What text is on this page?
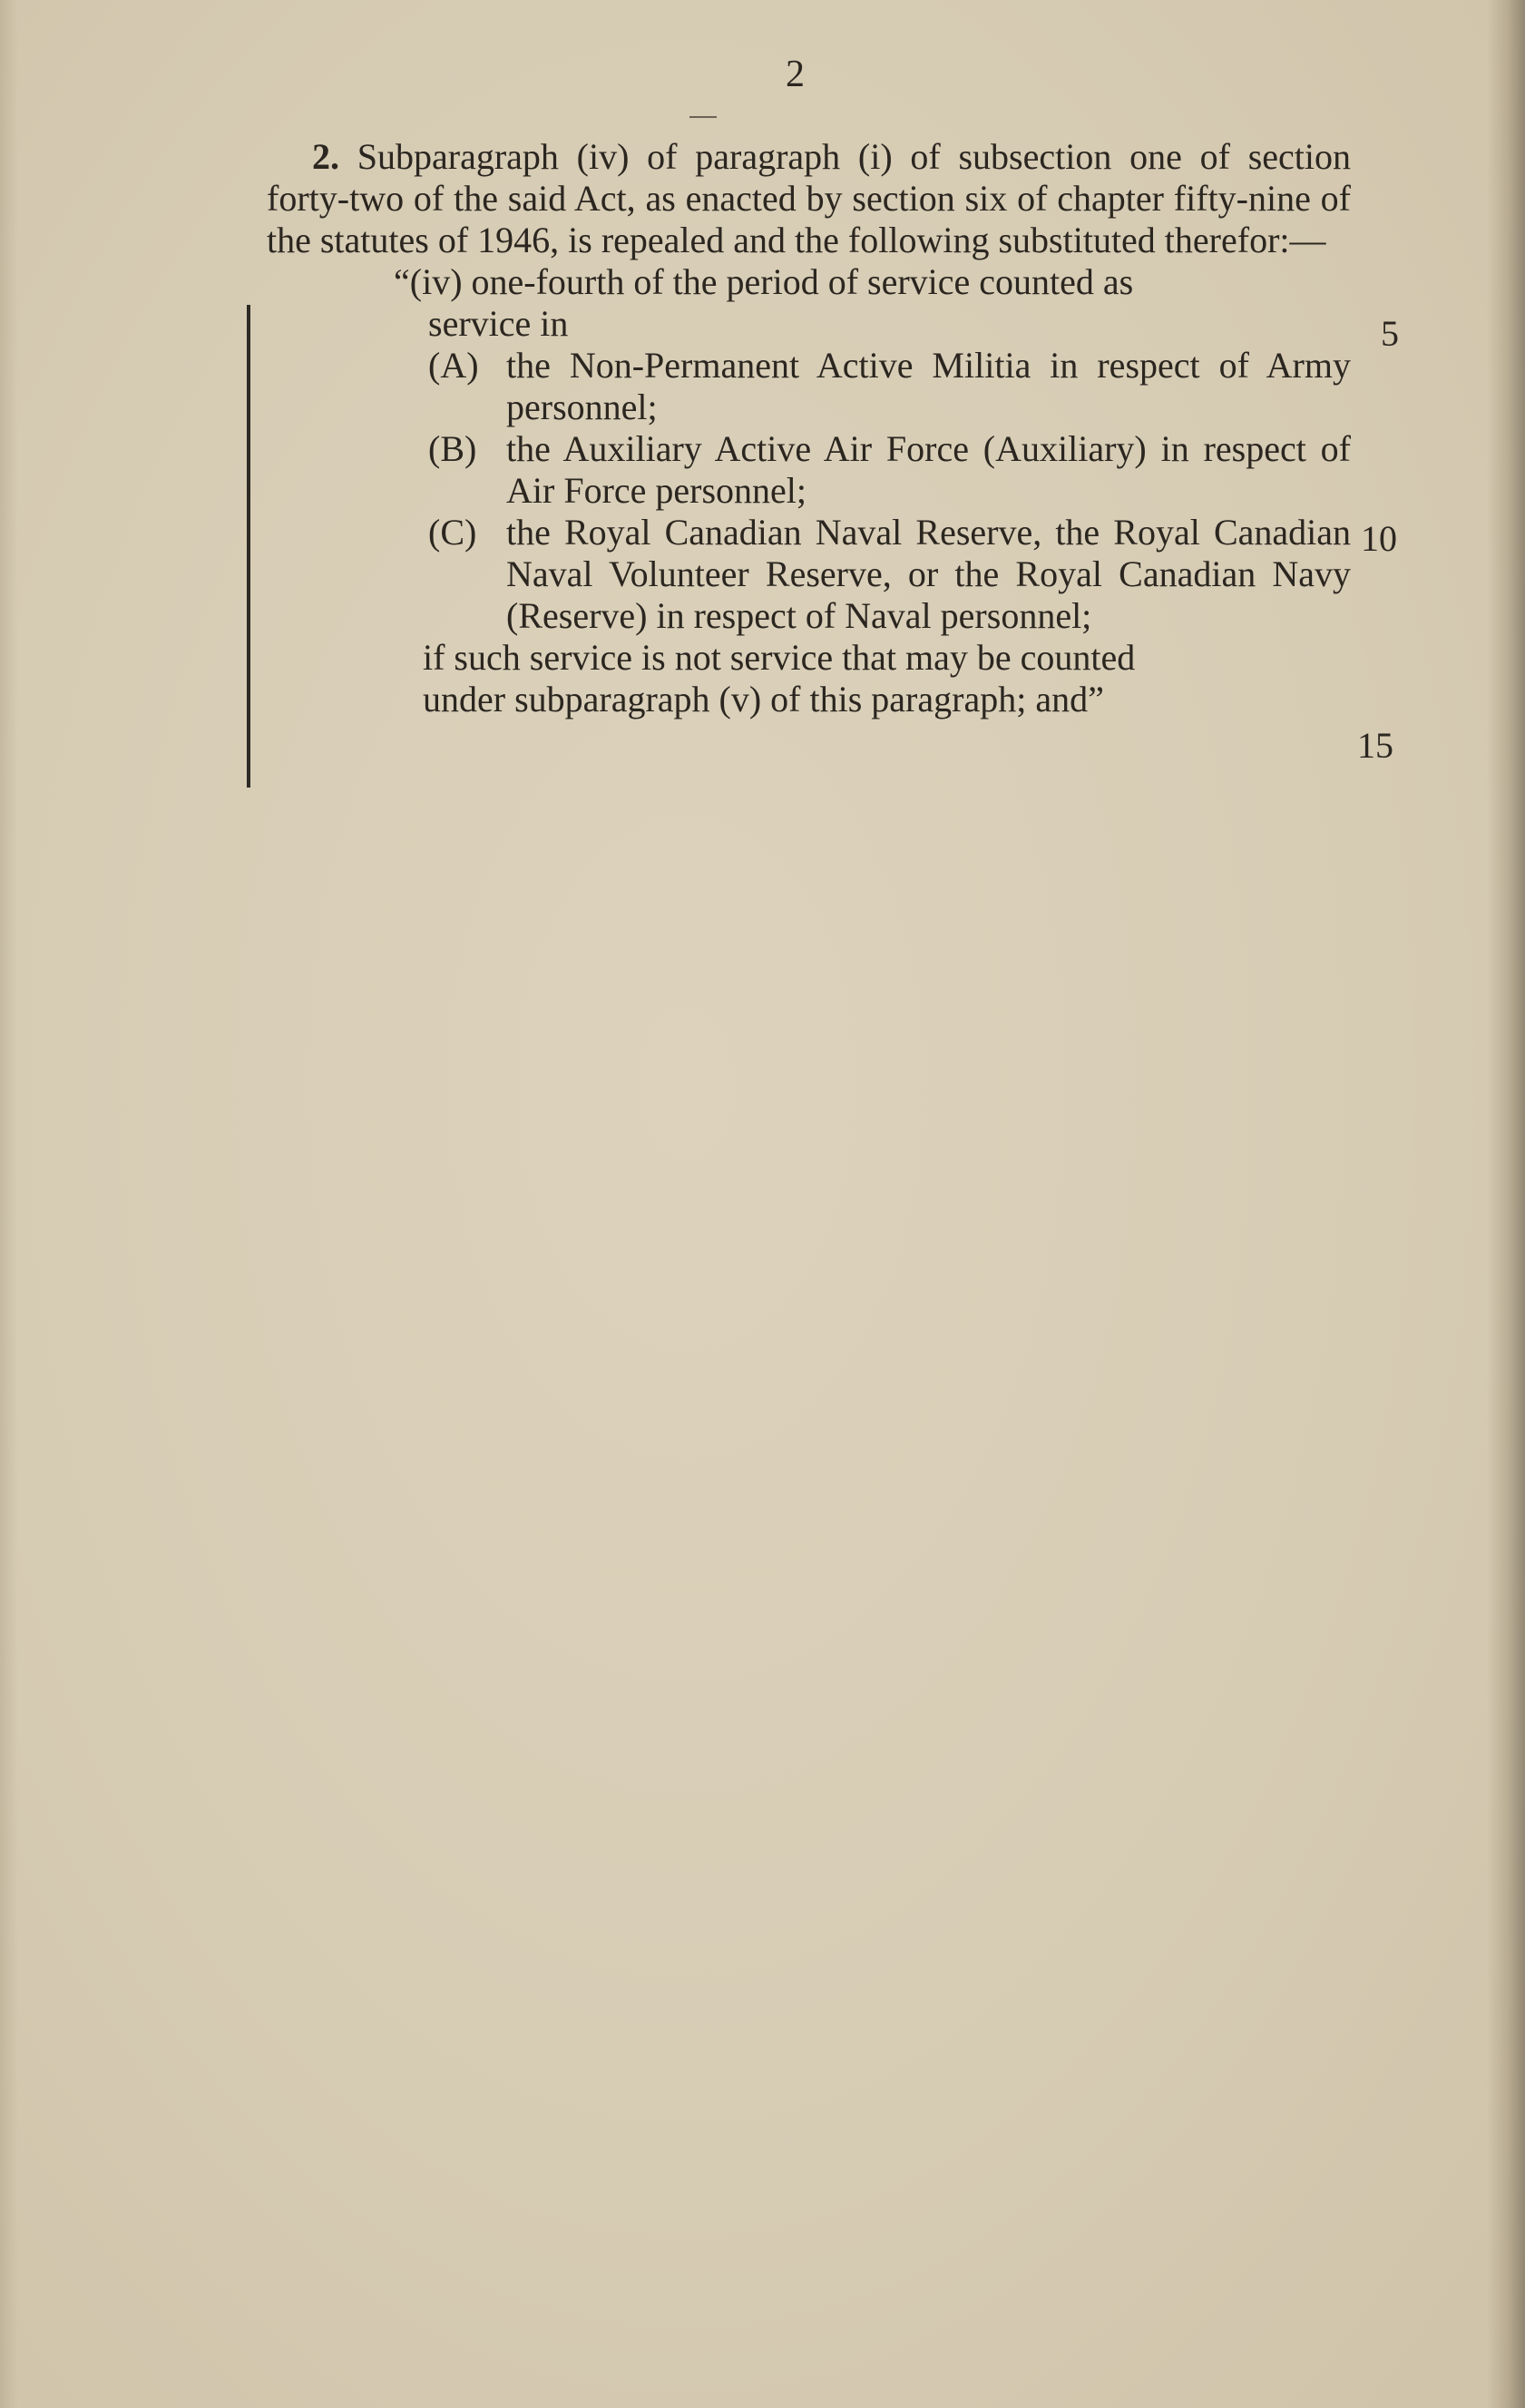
2

2. Subparagraph (iv) of paragraph (i) of subsection one of section forty-two of the said Act, as enacted by section six of chapter fifty-nine of the statutes of 1946, is repealed and the following substituted therefor:—

“(iv) one-fourth of the period of service counted as

service in

(A) the Non-Permanent Active Militia in respect of Army personnel;
(B) the Auxiliary Active Air Force (Auxiliary) in respect of Air Force personnel;
(C) the Royal Canadian Naval Reserve, the Royal Canadian Naval Volunteer Reserve, or the Royal Canadian Navy (Reserve) in respect of Naval personnel;

if such service is not service that may be counted

under subparagraph (v) of this paragraph; and”

5
10
15
